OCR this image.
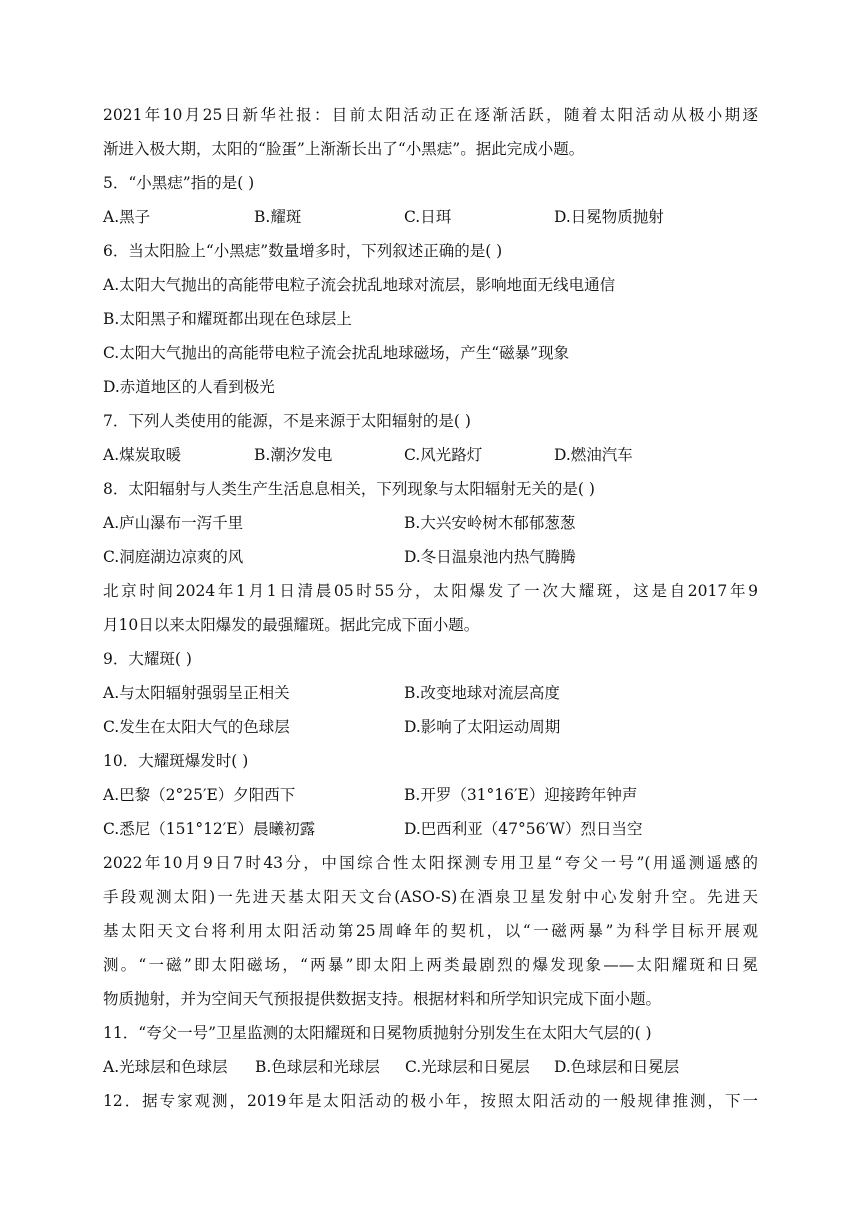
2021年10月25日新华社报：目前太阳活动正在逐渐活跃，随着太阳活动从极小期逐
渐进入极大期，太阳的“脸蛋”上渐渐长出了“小黑痣”。据此完成小题。
5．“小黑痣”指的是( )
A.黑子	B.耀斑	C.日珥	D.日冕物质抛射
6．当太阳脸上“小黑痣”数量增多时，下列叙述正确的是( )
A.太阳大气抛出的高能带电粒子流会扰乱地球对流层，影响地面无线电通信
B.太阳黑子和耀斑都出现在色球层上
C.太阳大气抛出的高能带电粒子流会扰乱地球磁场，产生“磁暴”现象
D.赤道地区的人看到极光
7．下列人类使用的能源，不是来源于太阳辐射的是( )
A.煤炭取暖	B.潮汐发电	C.风光路灯	D.燃油汽车
8．太阳辐射与人类生产生活息息相关，下列现象与太阳辐射无关的是( )
A.庐山瀑布一泻千里	B.大兴安岭树木郁郁葱葱
C.洞庭湖边凉爽的风	D.冬日温泉池内热气腾腾
北京时间2024年1月1日清晨05时55分，太阳爆发了一次大耀斑，这是自2017年9
月10日以来太阳爆发的最强耀斑。据此完成下面小题。
9．大耀斑( )
A.与太阳辐射强弱呈正相关	B.改变地球对流层高度
C.发生在太阳大气的色球层	D.影响了太阳运动周期
10．大耀斑爆发时( )
A.巴黎（2°25′E）夕阳西下	B.开罗（31°16′E）迎接跨年钟声
C.悉尼（151°12′E）晨曦初露	D.巴西利亚（47°56′W）烈日当空
2022年10月9日7时43分，中国综合性太阳探测专用卫星“夸父一号”(用遥测遥感的
手段观测太阳)一先进天基太阳天文台(ASO-S)在酒泉卫星发射中心发射升空。先进天
基太阳天文台将利用太阳活动第25周峰年的契机，以“一磁两暴”为科学目标开展观
测。“一磁”即太阳磁场，“两暴”即太阳上两类最剧烈的爆发现象——太阳耀斑和日冕
物质抛射，并为空间天气预报提供数据支持。根据材料和所学知识完成下面小题。
11．“夸父一号”卫星监测的太阳耀斑和日冕物质抛射分别发生在太阳大气层的( )
A.光球层和色球层 B.色球层和光球层 C.光球层和日冕层 D.色球层和日冕层
12．据专家观测，2019年是太阳活动的极小年，按照太阳活动的一般规律推测，下一
